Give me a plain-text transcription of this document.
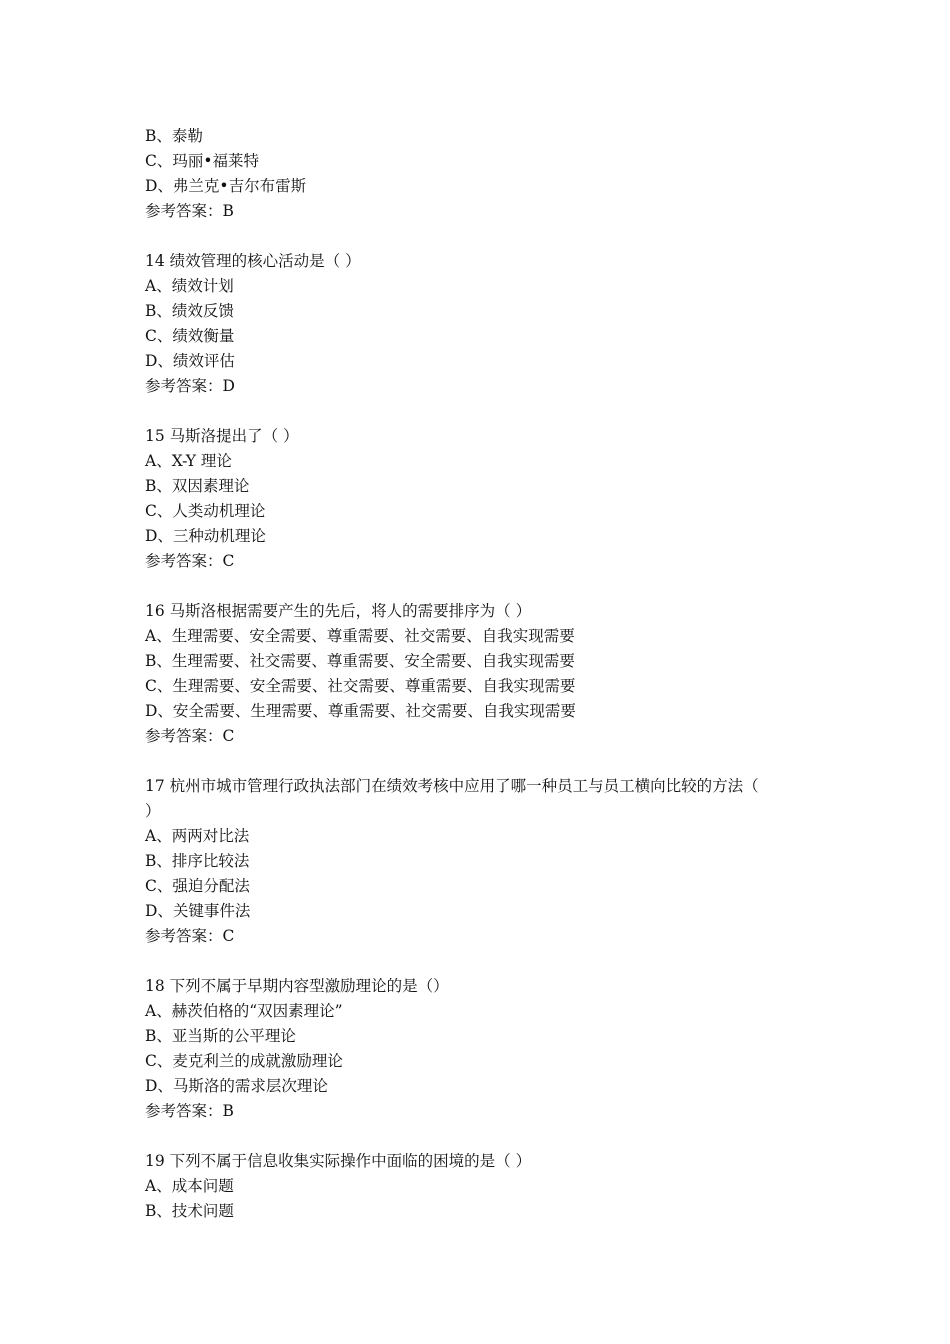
B、泰勒
C、玛丽•福莱特
D、弗兰克•吉尔布雷斯
参考答案：B
14 绩效管理的核心活动是（ ）
A、绩效计划
B、绩效反馈
C、绩效衡量
D、绩效评估
参考答案：D
15 马斯洛提出了（ ）
A、X-Y 理论
B、双因素理论
C、人类动机理论
D、三种动机理论
参考答案：C
16 马斯洛根据需要产生的先后，将人的需要排序为（ ）
A、生理需要、安全需要、尊重需要、社交需要、自我实现需要
B、生理需要、社交需要、尊重需要、安全需要、自我实现需要
C、生理需要、安全需要、社交需要、尊重需要、自我实现需要
D、安全需要、生理需要、尊重需要、社交需要、自我实现需要
参考答案：C
17 杭州市城市管理行政执法部门在绩效考核中应用了哪一种员工与员工横向比较的方法（
）
A、两两对比法
B、排序比较法
C、强迫分配法
D、关键事件法
参考答案：C
18 下列不属于早期内容型激励理论的是（）
A、赫茨伯格的“双因素理论”
B、亚当斯的公平理论
C、麦克利兰的成就激励理论
D、马斯洛的需求层次理论
参考答案：B
19 下列不属于信息收集实际操作中面临的困境的是（ ）
A、成本问题
B、技术问题
